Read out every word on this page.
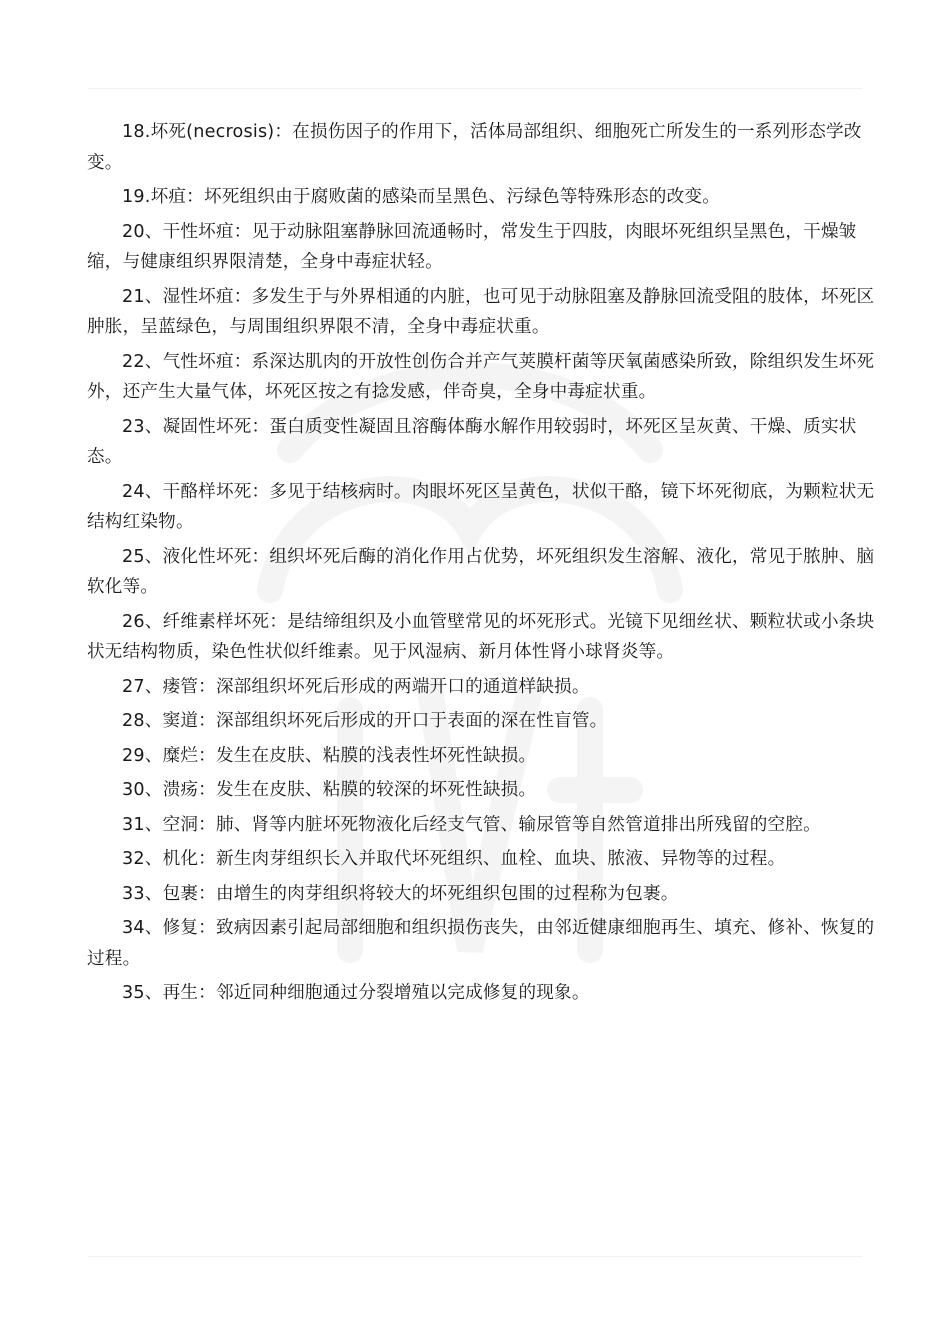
18.坏死(necrosis)：在损伤因子的作用下，活体局部组织、细胞死亡所发生的一系列形态学改变。

19.坏疽：坏死组织由于腐败菌的感染而呈黑色、污绿色等特殊形态的改变。

20、干性坏疽：见于动脉阻塞静脉回流通畅时，常发生于四肢，肉眼坏死组织呈黑色，干燥皱缩，与健康组织界限清楚，全身中毒症状轻。

21、湿性坏疽：多发生于与外界相通的内脏，也可见于动脉阻塞及静脉回流受阻的肢体，坏死区肿胀，呈蓝绿色，与周围组织界限不清，全身中毒症状重。

22、气性坏疽：系深达肌肉的开放性创伤合并产气荚膜杆菌等厌氧菌感染所致，除组织发生坏死外，还产生大量气体，坏死区按之有捻发感，伴奇臭，全身中毒症状重。

23、凝固性坏死：蛋白质变性凝固且溶酶体酶水解作用较弱时，坏死区呈灰黄、干燥、质实状态。

24、干酪样坏死：多见于结核病时。肉眼坏死区呈黄色，状似干酪，镜下坏死彻底，为颗粒状无结构红染物。

25、液化性坏死：组织坏死后酶的消化作用占优势，坏死组织发生溶解、液化，常见于脓肿、脑软化等。

26、纤维素样坏死：是结缔组织及小血管壁常见的坏死形式。光镜下见细丝状、颗粒状或小条块状无结构物质，染色性状似纤维素。见于风湿病、新月体性肾小球肾炎等。

27、瘘管：深部组织坏死后形成的两端开口的通道样缺损。

28、窦道：深部组织坏死后形成的开口于表面的深在性盲管。

29、糜烂：发生在皮肤、粘膜的浅表性坏死性缺损。

30、溃疡：发生在皮肤、粘膜的较深的坏死性缺损。

31、空洞：肺、肾等内脏坏死物液化后经支气管、输尿管等自然管道排出所残留的空腔。

32、机化：新生肉芽组织长入并取代坏死组织、血栓、血块、脓液、异物等的过程。

33、包裹：由增生的肉芽组织将较大的坏死组织包围的过程称为包裹。

34、修复：致病因素引起局部细胞和组织损伤丧失，由邻近健康细胞再生、填充、修补、恢复的过程。

35、再生：邻近同种细胞通过分裂增殖以完成修复的现象。
